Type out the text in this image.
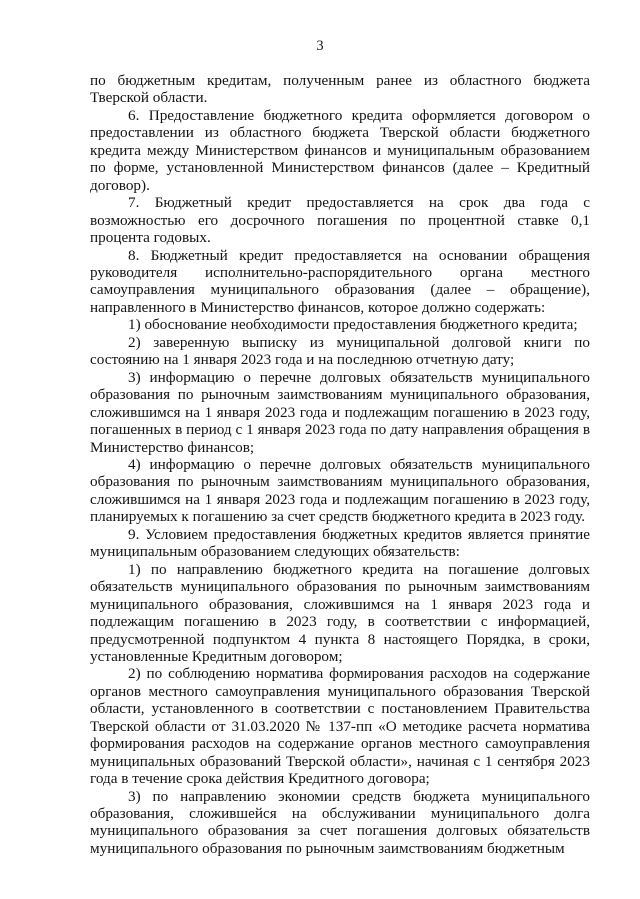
3

по бюджетным кредитам, полученным ранее из областного бюджета Тверской области.

6. Предоставление бюджетного кредита оформляется договором о предоставлении из областного бюджета Тверской области бюджетного кредита между Министерством финансов и муниципальным образованием по форме, установленной Министерством финансов (далее – Кредитный договор).

7. Бюджетный кредит предоставляется на срок два года с возможностью его досрочного погашения по процентной ставке 0,1 процента годовых.

8. Бюджетный кредит предоставляется на основании обращения руководителя исполнительно-распорядительного органа местного самоуправления муниципального образования (далее – обращение), направленного в Министерство финансов, которое должно содержать:

1) обоснование необходимости предоставления бюджетного кредита;

2) заверенную выписку из муниципальной долговой книги по состоянию на 1 января 2023 года и на последнюю отчетную дату;

3) информацию о перечне долговых обязательств муниципального образования по рыночным заимствованиям муниципального образования, сложившимся на 1 января 2023 года и подлежащим погашению в 2023 году, погашенных в период с 1 января 2023 года по дату направления обращения в Министерство финансов;

4) информацию о перечне долговых обязательств муниципального образования по рыночным заимствованиям муниципального образования, сложившимся на 1 января 2023 года и подлежащим погашению в 2023 году, планируемых к погашению за счет средств бюджетного кредита в 2023 году.

9. Условием предоставления бюджетных кредитов является принятие муниципальным образованием следующих обязательств:

1) по направлению бюджетного кредита на погашение долговых обязательств муниципального образования по рыночным заимствованиям муниципального образования, сложившимся на 1 января 2023 года и подлежащим погашению в 2023 году, в соответствии с информацией, предусмотренной подпунктом 4 пункта 8 настоящего Порядка, в сроки, установленные Кредитным договором;

2) по соблюдению норматива формирования расходов на содержание органов местного самоуправления муниципального образования Тверской области, установленного в соответствии с постановлением Правительства Тверской области от 31.03.2020 № 137-пп «О методике расчета норматива формирования расходов на содержание органов местного самоуправления муниципальных образований Тверской области», начиная с 1 сентября 2023 года в течение срока действия Кредитного договора;

3) по направлению экономии средств бюджета муниципального образования, сложившейся на обслуживании муниципального долга муниципального образования за счет погашения долговых обязательств муниципального образования по рыночным заимствованиям бюджетным
